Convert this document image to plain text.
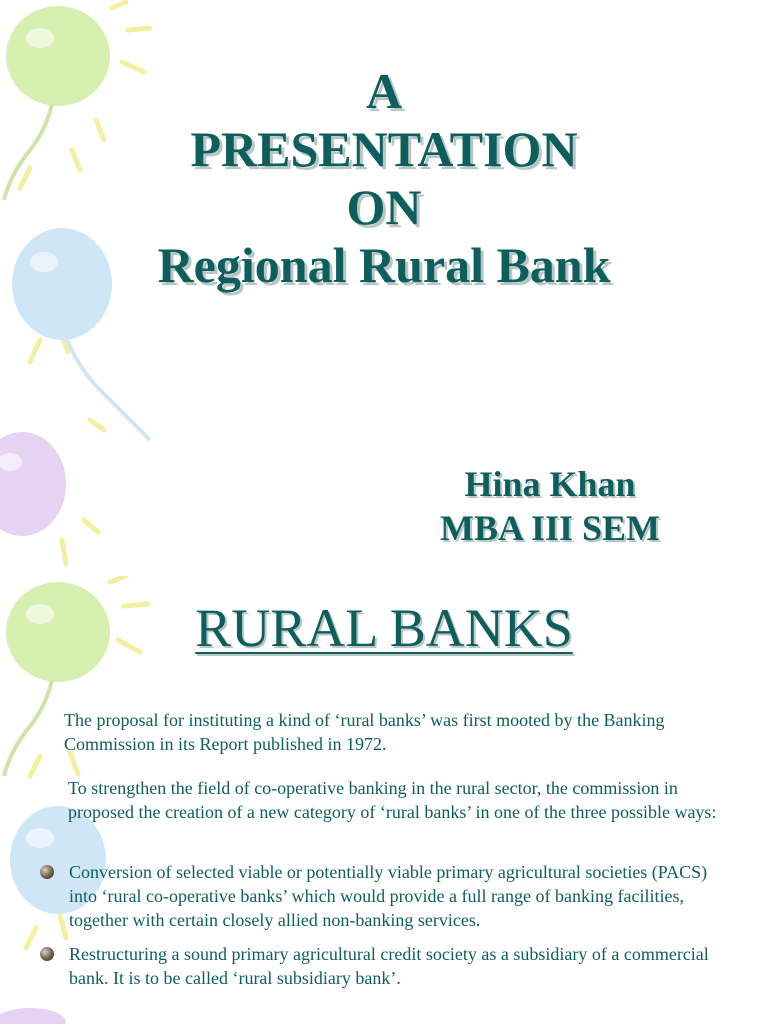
A
PRESENTATION
ON
Regional Rural Bank
Hina Khan
MBA III SEM
RURAL BANKS

The proposal for instituting a kind of ‘rural banks’ was first mooted by the Banking Commission in its Report published in 1972.

To strengthen the field of co-operative banking in the rural sector, the commission in proposed the creation of a new category of ‘rural banks’ in one of the three possible ways:

Conversion of selected viable or potentially viable primary agricultural societies (PACS) into ‘rural co-operative banks’ which would provide a full range of banking facilities, together with certain closely allied non-banking services.
Restructuring a sound primary agricultural credit society as a subsidiary of a commercial bank. It is to be called ‘rural subsidiary bank’.
